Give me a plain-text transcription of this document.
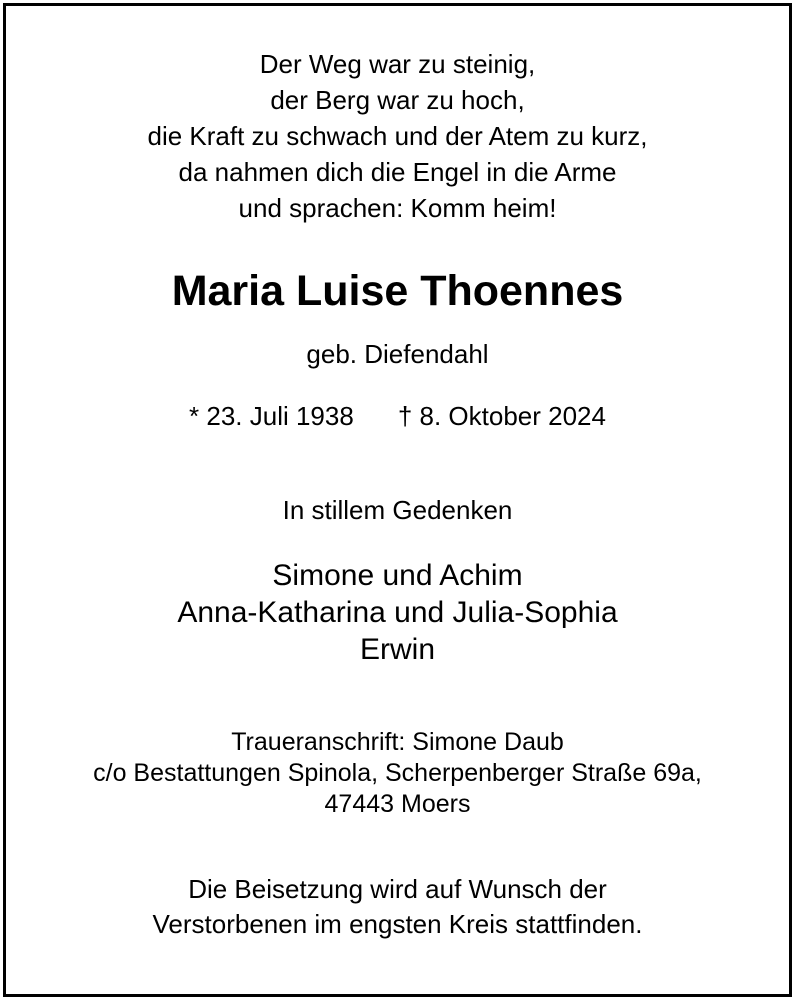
Der Weg war zu steinig,
der Berg war zu hoch,
die Kraft zu schwach und der Atem zu kurz,
da nahmen dich die Engel in die Arme
und sprachen: Komm heim!
Maria Luise Thoennes
geb. Diefendahl
* 23. Juli 1938 † 8. Oktober 2024
In stillem Gedenken
Simone und Achim
Anna-Katharina und Julia-Sophia
Erwin
Traueranschrift: Simone Daub
c/o Bestattungen Spinola, Scherpenberger Straße 69a,
47443 Moers
Die Beisetzung wird auf Wunsch der
Verstorbenen im engsten Kreis stattfinden.
